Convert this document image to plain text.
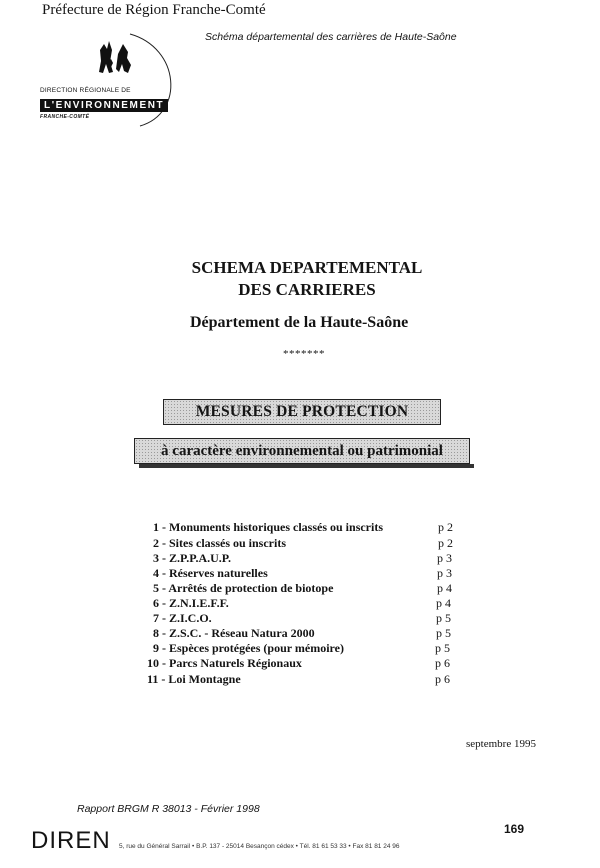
Préfecture de Région Franche-Comté
Schéma départemental des carrières de Haute-Saône
DIRECTION RÉGIONALE DE
L'ENVIRONNEMENT
FRANCHE-COMTÉ
SCHEMA DEPARTEMENTAL
DES CARRIERES
Département de la Haute-Saône
*******
MESURES DE PROTECTION
à caractère environnemental ou patrimonial
1 - Monuments historiques classés ou inscrits	p 2
2 - Sites classés ou inscrits	p 2
3 - Z.P.P.A.U.P.	p 3
4 - Réserves naturelles	p 3
5 - Arrêtés de protection de biotope	p 4
6 - Z.N.I.E.F.F.	p 4
7 - Z.I.C.O.	p 5
8 - Z.S.C. - Réseau Natura 2000	p 5
9 - Espèces protégées (pour mémoire)	p 5
10 - Parcs Naturels Régionaux	p 6
11 - Loi Montagne	p 6
septembre 1995
Rapport BRGM R 38013 - Février 1998
169
DIREN 5, rue du Général Sarrail • B.P. 137 - 25014 Besançon cédex • Tél. 81 61 53 33 • Fax 81 81 24 96
